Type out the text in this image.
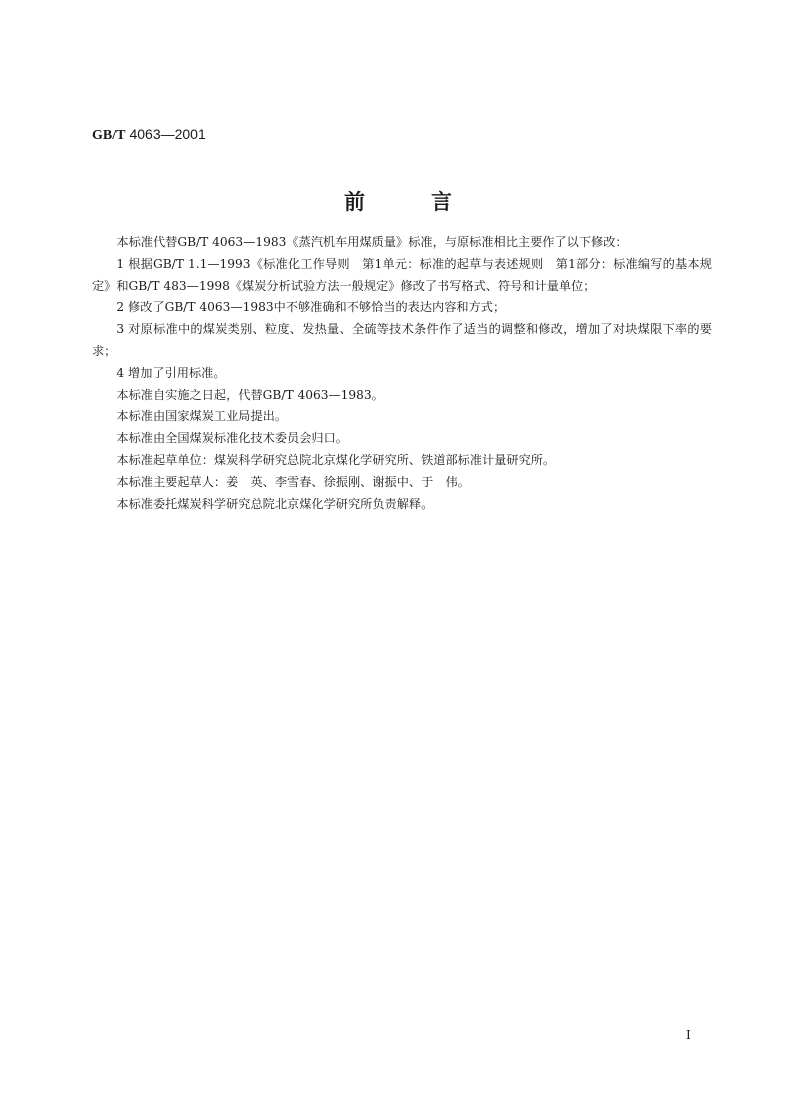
GB/T 4063—2001
前	言

本标准代替GB/T 4063—1983《蒸汽机车用煤质量》标准，与原标准相比主要作了以下修改：

1 根据GB/T 1.1—1993《标准化工作导则　第1单元：标准的起草与表述规则　第1部分：标准编写的基本规定》和GB/T 483—1998《煤炭分析试验方法一般规定》修改了书写格式、符号和计量单位；

2 修改了GB/T 4063—1983中不够准确和不够恰当的表达内容和方式；

3 对原标准中的煤炭类别、粒度、发热量、全硫等技术条件作了适当的调整和修改，增加了对块煤限下率的要求；

4 增加了引用标准。

本标准自实施之日起，代替GB/T 4063—1983。

本标准由国家煤炭工业局提出。

本标准由全国煤炭标准化技术委员会归口。

本标准起草单位：煤炭科学研究总院北京煤化学研究所、铁道部标准计量研究所。

本标准主要起草人：姜　英、李雪春、徐振刚、谢振中、于　伟。

本标准委托煤炭科学研究总院北京煤化学研究所负责解释。

I
